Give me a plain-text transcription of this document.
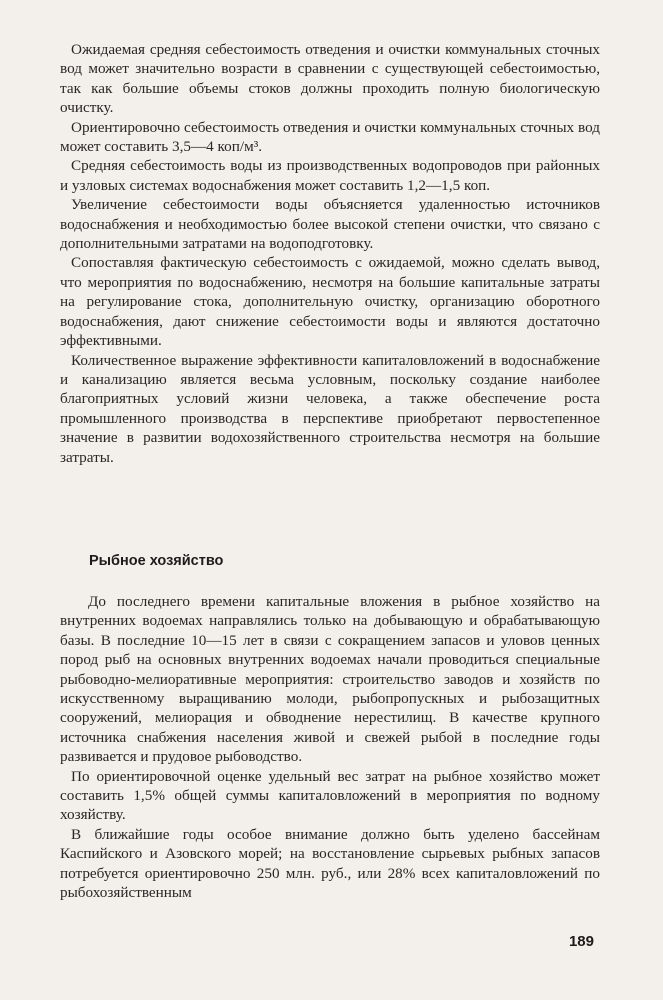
Ожидаемая средняя себестоимость отведения и очистки коммунальных сточных вод может значительно возрасти в сравнении с существующей себестоимостью, так как большие объемы стоков должны проходить полную биологическую очистку.

Ориентировочно себестоимость отведения и очистки коммунальных сточных вод может составить 3,5—4 коп/м³.

Средняя себестоимость воды из производственных водопроводов при районных и узловых системах водоснабжения может составить 1,2—1,5 коп.

Увеличение себестоимости воды объясняется удаленностью источников водоснабжения и необходимостью более высокой степени очистки, что связано с дополнительными затратами на водоподготовку.

Сопоставляя фактическую себестоимость с ожидаемой, можно сделать вывод, что мероприятия по водоснабжению, несмотря на большие капитальные затраты на регулирование стока, дополнительную очистку, организацию оборотного водоснабжения, дают снижение себестоимости воды и являются достаточно эффективными.

Количественное выражение эффективности капиталовложений в водоснабжение и канализацию является весьма условным, поскольку создание наиболее благоприятных условий жизни человека, а также обеспечение роста промышленного производства в перспективе приобретают первостепенное значение в развитии водохозяйственного строительства несмотря на большие затраты.

Рыбное хозяйство

До последнего времени капитальные вложения в рыбное хозяйство на внутренних водоемах направлялись только на добывающую и обрабатывающую базы. В последние 10—15 лет в связи с сокращением запасов и уловов ценных пород рыб на основных внутренних водоемах начали проводиться специальные рыбоводно-мелиоративные мероприятия: строительство заводов и хозяйств по искусственному выращиванию молоди, рыбопропускных и рыбозащитных сооружений, мелиорация и обводнение нерестилищ. В качестве крупного источника снабжения населения живой и свежей рыбой в последние годы развивается и прудовое рыбоводство.

По ориентировочной оценке удельный вес затрат на рыбное хозяйство может составить 1,5% общей суммы капиталовложений в мероприятия по водному хозяйству.

В ближайшие годы особое внимание должно быть уделено бассейнам Каспийского и Азовского морей; на восстановление сырьевых рыбных запасов потребуется ориентировочно 250 млн. руб., или 28% всех капиталовложений по рыбохозяйственным

189
